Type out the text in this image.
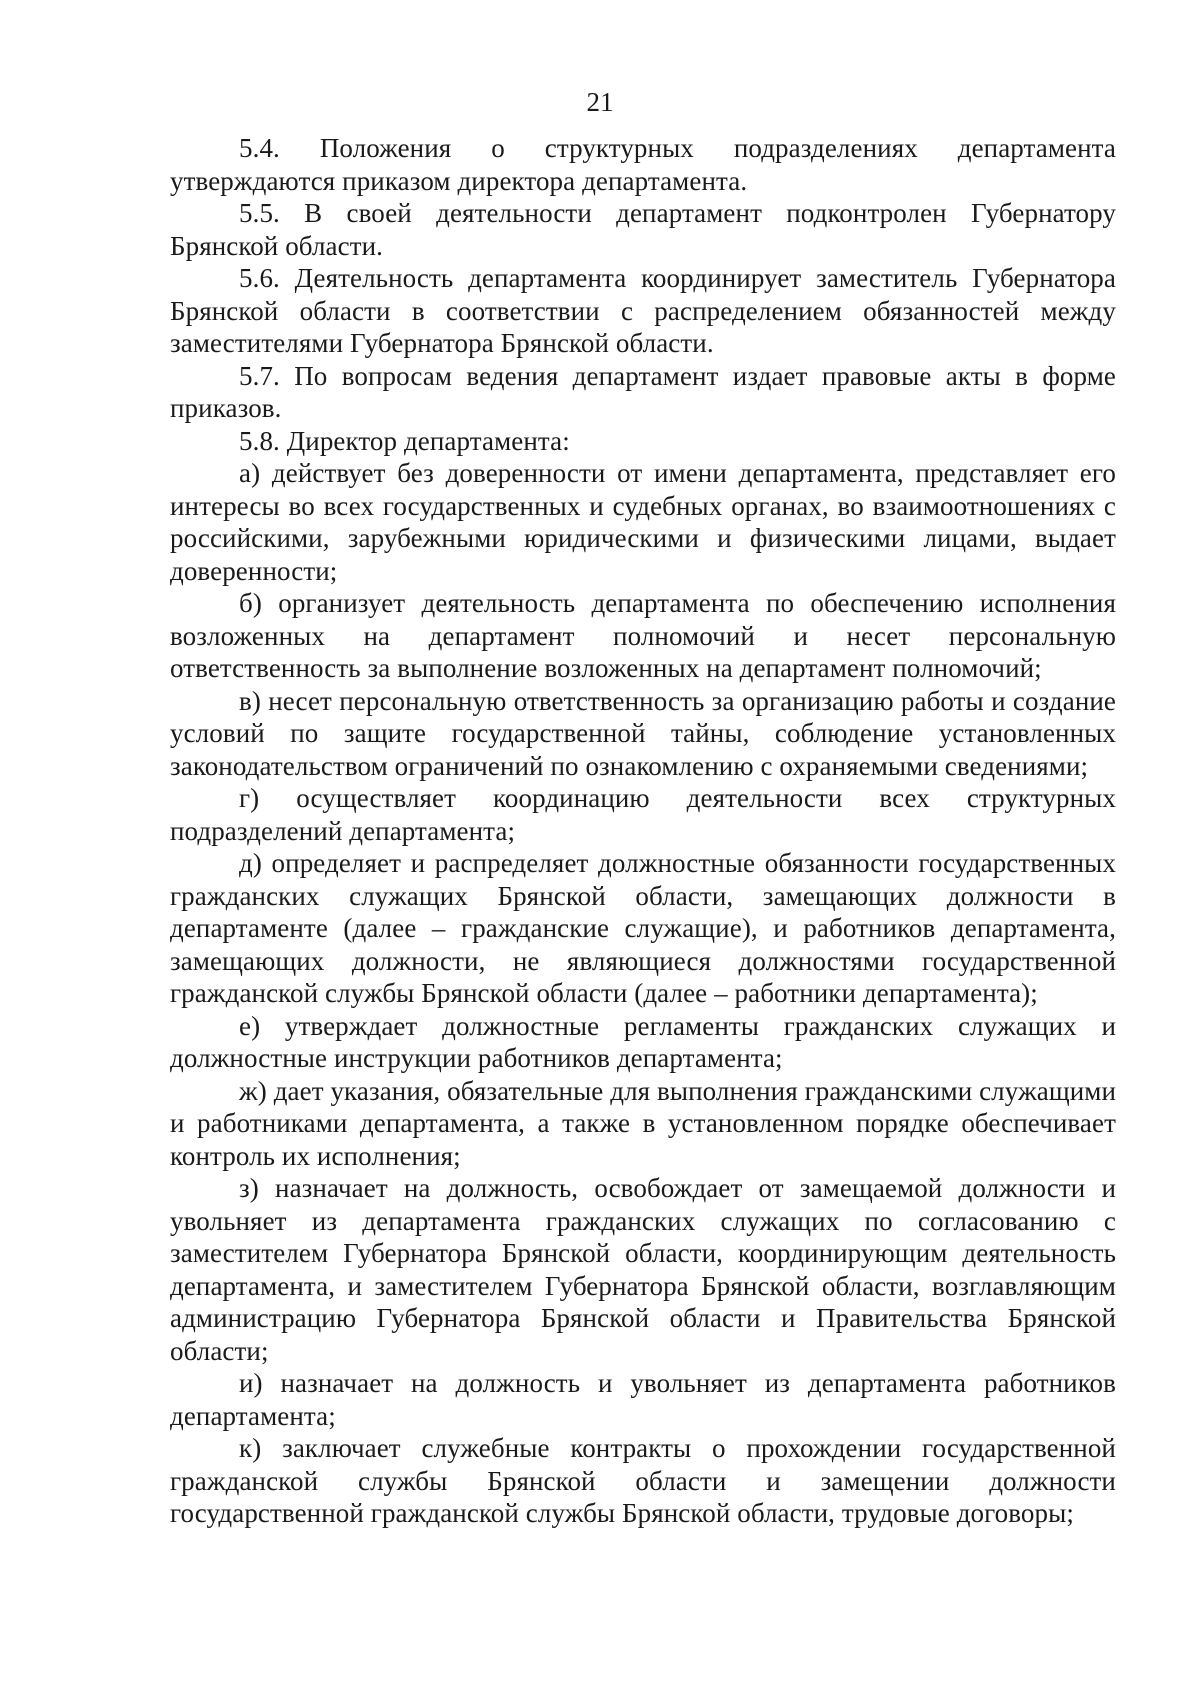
21

5.4. Положения о структурных подразделениях департамента утверждаются приказом директора департамента.

5.5. В своей деятельности департамент подконтролен Губернатору Брянской области.

5.6. Деятельность департамента координирует заместитель Губернатора Брянской области в соответствии с распределением обязанностей между заместителями Губернатора Брянской области.

5.7. По вопросам ведения департамент издает правовые акты в форме приказов.

5.8. Директор департамента:

а) действует без доверенности от имени департамента, представляет его интересы во всех государственных и судебных органах, во взаимоотношениях с российскими, зарубежными юридическими и физическими лицами, выдает доверенности;

б) организует деятельность департамента по обеспечению исполнения возложенных на департамент полномочий и несет персональную ответственность за выполнение возложенных на департамент полномочий;

в) несет персональную ответственность за организацию работы и создание условий по защите государственной тайны, соблюдение установленных законодательством ограничений по ознакомлению с охраняемыми сведениями;

г) осуществляет координацию деятельности всех структурных подразделений департамента;

д) определяет и распределяет должностные обязанности государственных гражданских служащих Брянской области, замещающих должности в департаменте (далее – гражданские служащие), и работников департамента, замещающих должности, не являющиеся должностями государственной гражданской службы Брянской области (далее – работники департамента);

е) утверждает должностные регламенты гражданских служащих и должностные инструкции работников департамента;

ж) дает указания, обязательные для выполнения гражданскими служащими и работниками департамента, а также в установленном порядке обеспечивает контроль их исполнения;

з) назначает на должность, освобождает от замещаемой должности и увольняет из департамента гражданских служащих по согласованию с заместителем Губернатора Брянской области, координирующим деятельность департамента, и заместителем Губернатора Брянской области, возглавляющим администрацию Губернатора Брянской области и Правительства Брянской области;

и) назначает на должность и увольняет из департамента работников департамента;

к) заключает служебные контракты о прохождении государственной гражданской службы Брянской области и замещении должности государственной гражданской службы Брянской области, трудовые договоры;
